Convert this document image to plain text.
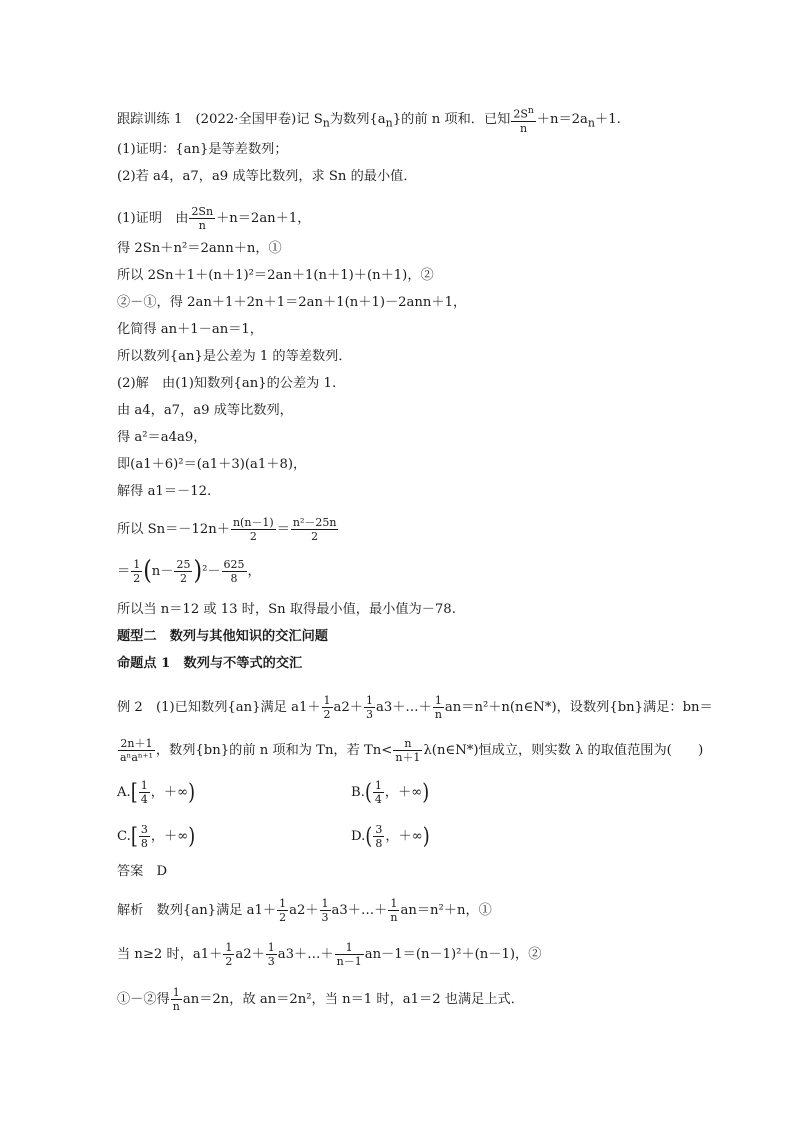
跟踪训练 1　(2022·全国甲卷)记 $S_n$为数列$\{a_n\}$的前 n 项和．已知 $\frac{2S^n}{n} +n=2a_n+1$.
(1)证明：{an}是等差数列；
(2)若 a4，a7，a9 成等比数列，求 Sn 的最小值．
(1)证明　由 $\frac{2Sn}{n} +n=2an+1$，
得 2Sn＋n²＝2ann＋n，①
所以 2Sn＋1＋(n＋1)²＝2an＋1(n＋1)＋(n＋1)，②
②－①，得 2an＋1＋2n＋1＝2an＋1(n＋1)－2ann＋1，
化简得 an＋1－an＝1，
所以数列{an}是公差为 1 的等差数列．
(2)解　由(1)知数列{an}的公差为 1.
由 a4，a7，a9 成等比数列，
得 a²＝a4a9，
即(a1＋6)²＝(a1＋3)(a1＋8)，
解得 a1＝－12.
所以 $Sn=-12n+ \frac{n(n-1)}{2} = \frac{\text{n²－25n}}{2}$
＝ $\frac{1}{2} (n- \frac{25}{2} )^2- \frac{625}{8}$ ，
所以当 n＝12 或 13 时，Sn 取得最小值，最小值为－78.
题型二　数列与其他知识的交汇问题
命题点 1　数列与不等式的交汇
例 2　(1)已知数列{an}满足 $a1+ \frac{1}{2} a2+ \frac{1}{3}$ a3＋…＋ $\frac{1}{n}$ an＝n²＋n(n∈N*)，设数列{bn}满足：bn＝
$\frac{2n+1}{\text{aⁿaⁿ⁺¹}}$ ，数列{bn}的前 n 项和为 Tn，若 $Tn< \frac{n}{n+1}$ λ(n∈N*)恒成立，则实数 λ 的取值范围为(　　)
$A.[ \frac{1}{4}$ ，＋∞)	$B.( \frac{1}{4}$ ，＋∞)
$C.[ \frac{3}{8}$ ，＋∞)	$D.( \frac{3}{8}$ ，＋∞)
答案　D
解析　数列{an}满足 $a1+ \frac{1}{2} a2+ \frac{1}{3}$ a3＋…＋ $\frac{1}{n} an=n^2+n$，①
当 n≥2 时，$a1+ \frac{1}{2} a2+ \frac{1}{3}$ a3＋…＋ $\frac{1}{n-1} an-1=(n-1)^2+(n-1)$，②
①－②得 $\frac{1}{n} an=2n$，故 an＝2n²，当 n＝1 时，a1＝2 也满足上式．
